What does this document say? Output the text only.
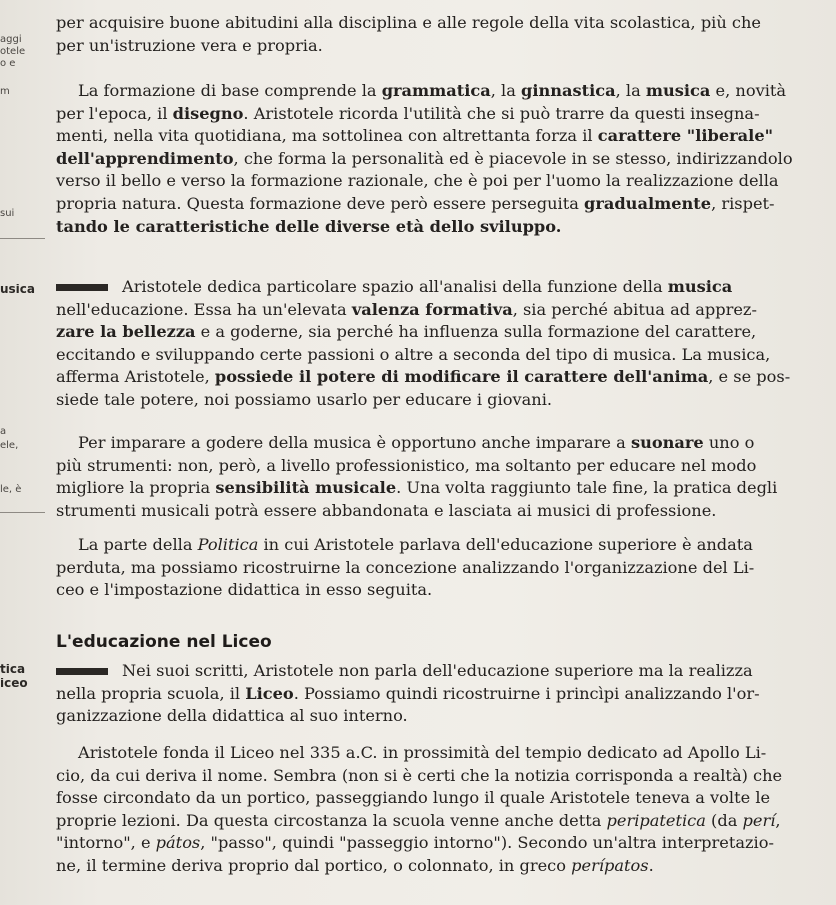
aggi
otele
o e
m
sui
usica
a
ele,
le, è
tica
iceo
per acquisire buone abitudini alla disciplina e alle regole della vita scolastica, più che
per un'istruzione vera e propria.
La formazione di base comprende la grammatica, la ginnastica, la musica e, novità
per l'epoca, il disegno. Aristotele ricorda l'utilità che si può trarre da questi insegna-
menti, nella vita quotidiana, ma sottolinea con altrettanta forza il carattere "liberale"
dell'apprendimento, che forma la personalità ed è piacevole in se stesso, indirizzandolo
verso il bello e verso la formazione razionale, che è poi per l'uomo la realizzazione della
propria natura. Questa formazione deve però essere perseguita gradualmente, rispet-
tando le caratteristiche delle diverse età dello sviluppo.
Aristotele dedica particolare spazio all'analisi della funzione della musica
nell'educazione. Essa ha un'elevata valenza formativa, sia perché abitua ad apprez-
zare la bellezza e a goderne, sia perché ha influenza sulla formazione del carattere,
eccitando e sviluppando certe passioni o altre a seconda del tipo di musica. La musica,
afferma Aristotele, possiede il potere di modificare il carattere dell'anima, e se pos-
siede tale potere, noi possiamo usarlo per educare i giovani.
Per imparare a godere della musica è opportuno anche imparare a suonare uno o
più strumenti: non, però, a livello professionistico, ma soltanto per educare nel modo
migliore la propria sensibilità musicale. Una volta raggiunto tale fine, la pratica degli
strumenti musicali potrà essere abbandonata e lasciata ai musici di professione.
La parte della Politica in cui Aristotele parlava dell'educazione superiore è andata
perduta, ma possiamo ricostruirne la concezione analizzando l'organizzazione del Li-
ceo e l'impostazione didattica in esso seguita.
L'educazione nel Liceo
Nei suoi scritti, Aristotele non parla dell'educazione superiore ma la realizza
nella propria scuola, il Liceo. Possiamo quindi ricostruirne i princìpi analizzando l'or-
ganizzazione della didattica al suo interno.
Aristotele fonda il Liceo nel 335 a.C. in prossimità del tempio dedicato ad Apollo Li-
cio, da cui deriva il nome. Sembra (non si è certi che la notizia corrisponda a realtà) che
fosse circondato da un portico, passeggiando lungo il quale Aristotele teneva a volte le
proprie lezioni. Da questa circostanza la scuola venne anche detta peripatetica (da perí,
"intorno", e pátos, "passo", quindi "passeggio intorno"). Secondo un'altra interpretazio-
ne, il termine deriva proprio dal portico, o colonnato, in greco perípatos.
